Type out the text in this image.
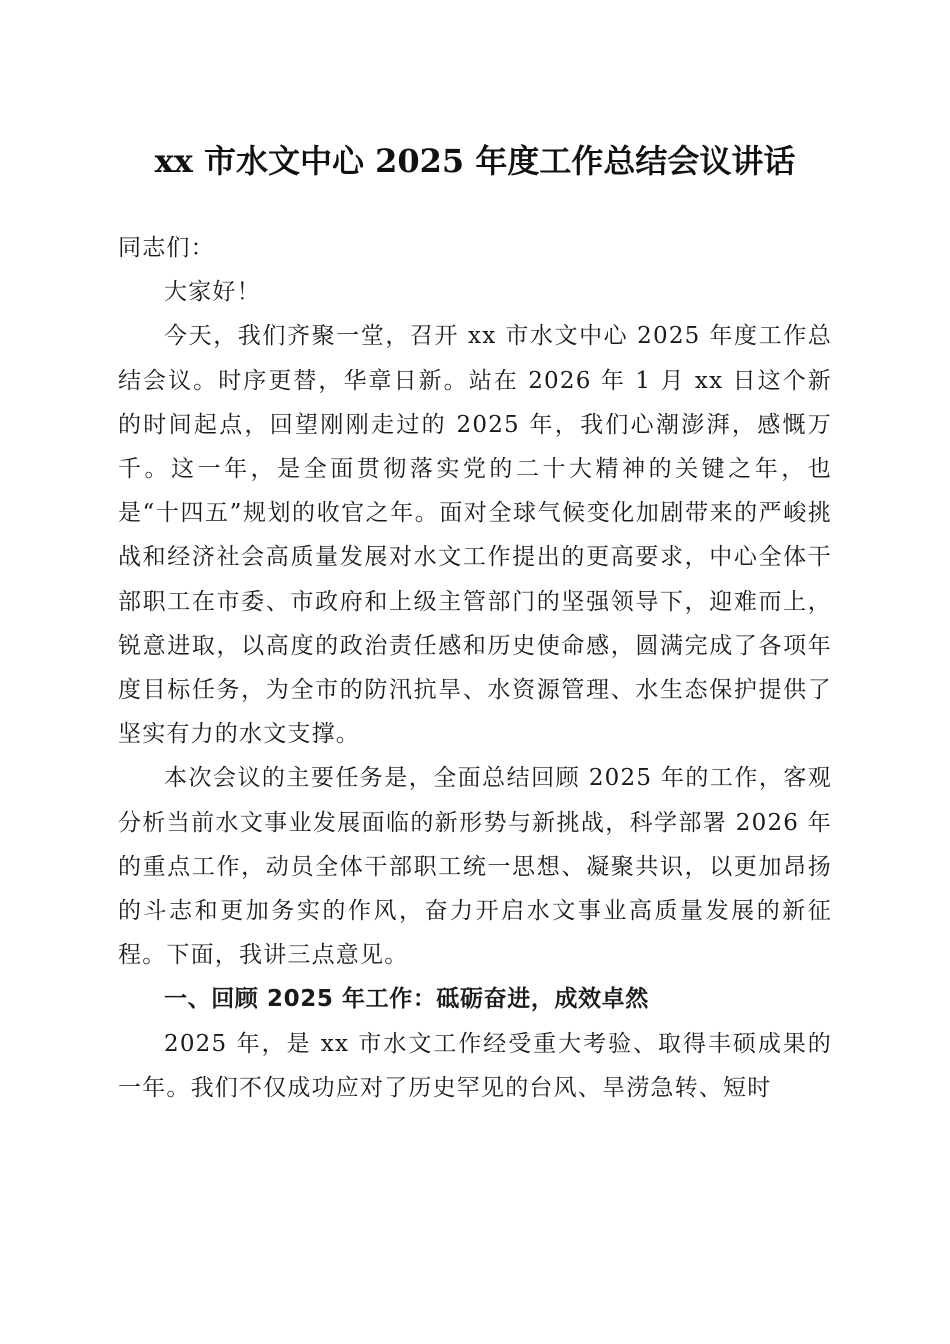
xx 市水文中心 2025 年度工作总结会议讲话

同志们：

大家好！

今天，我们齐聚一堂，召开 xx 市水文中心 2025 年度工作总结会议。时序更替，华章日新。站在 2026 年 1 月 xx 日这个新的时间起点，回望刚刚走过的 2025 年，我们心潮澎湃，感慨万千。这一年，是全面贯彻落实党的二十大精神的关键之年，也是“十四五”规划的收官之年。面对全球气候变化加剧带来的严峻挑战和经济社会高质量发展对水文工作提出的更高要求，中心全体干部职工在市委、市政府和上级主管部门的坚强领导下，迎难而上，锐意进取，以高度的政治责任感和历史使命感，圆满完成了各项年度目标任务，为全市的防汛抗旱、水资源管理、水生态保护提供了坚实有力的水文支撑。

本次会议的主要任务是，全面总结回顾 2025 年的工作，客观分析当前水文事业发展面临的新形势与新挑战，科学部署 2026 年的重点工作，动员全体干部职工统一思想、凝聚共识，以更加昂扬的斗志和更加务实的作风，奋力开启水文事业高质量发展的新征程。下面，我讲三点意见。

一、回顾 2025 年工作：砥砺奋进，成效卓然

2025 年，是 xx 市水文工作经受重大考验、取得丰硕成果的一年。我们不仅成功应对了历史罕见的台风、旱涝急转、短时
